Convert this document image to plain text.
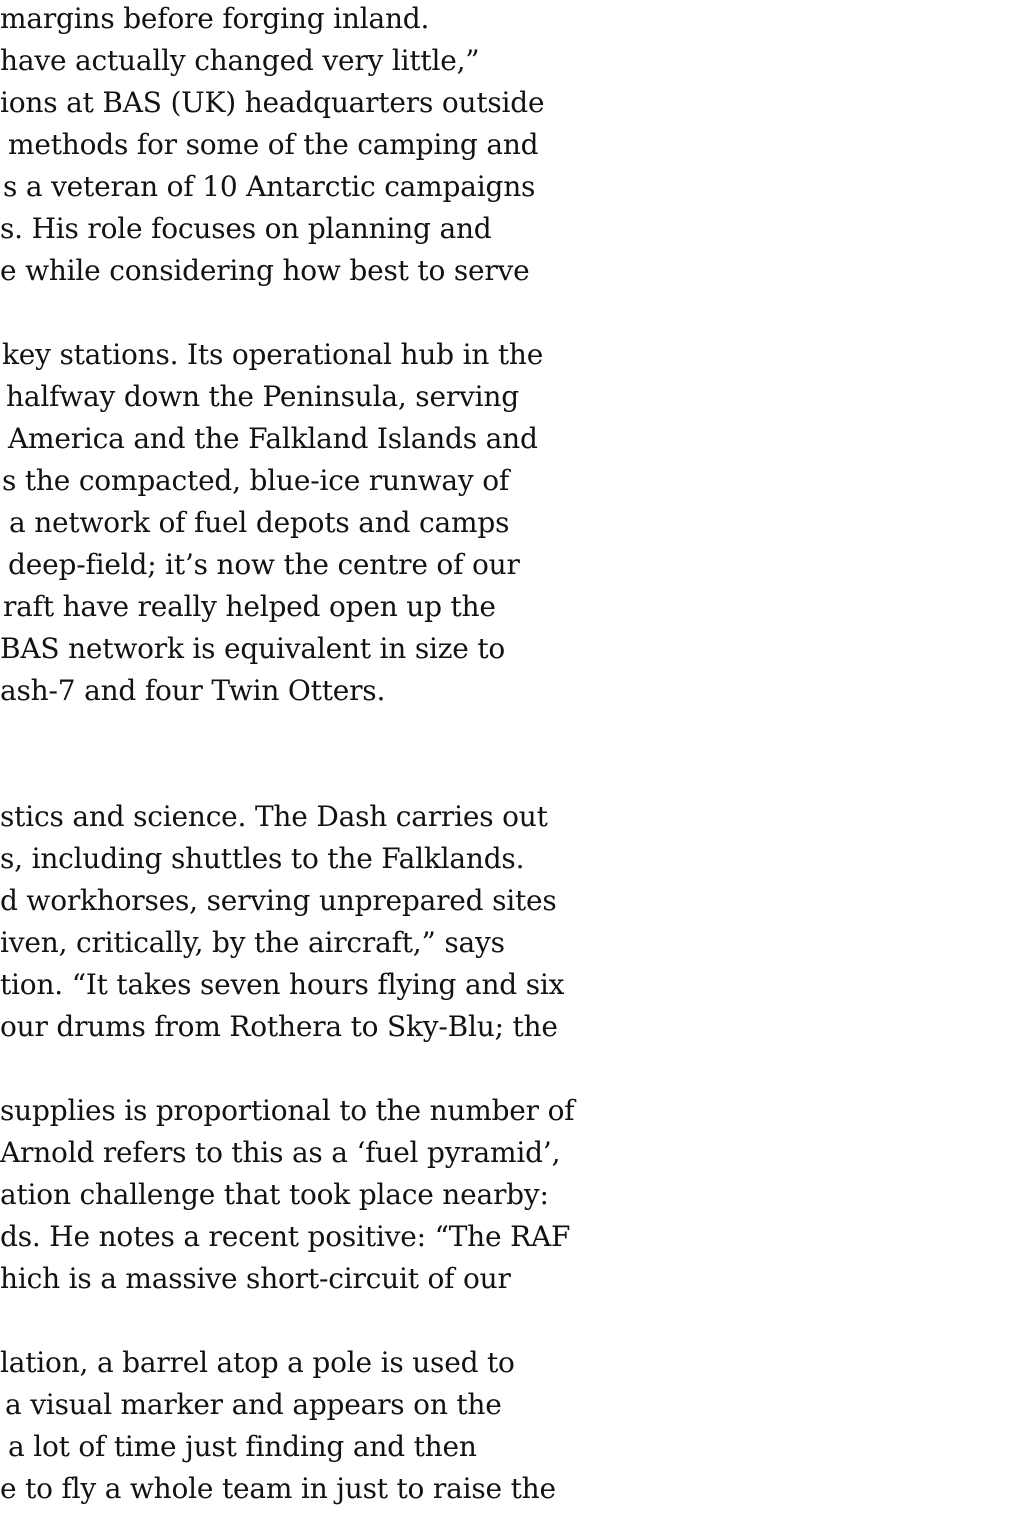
margins before forging inland.
have actually changed very little,”
ions at BAS (UK) headquarters outside
methods for some of the camping and
s a veteran of 10 Antarctic campaigns
s. His role focuses on planning and
e while considering how best to serve

key stations. Its operational hub in the
halfway down the Peninsula, serving
America and the Falkland Islands and
s the compacted, blue-ice runway of
a network of fuel depots and camps
deep-field; it’s now the centre of our
raft have really helped open up the
BAS network is equivalent in size to
ash-7 and four Twin Otters.

stics and science. The Dash carries out
s, including shuttles to the Falklands.
d workhorses, serving unprepared sites
iven, critically, by the aircraft,” says
tion. “It takes seven hours flying and six
our drums from Rothera to Sky-Blu; the

supplies is proportional to the number of
Arnold refers to this as a ‘fuel pyramid’,
ation challenge that took place nearby:
ds. He notes a recent positive: “The RAF
hich is a massive short-circuit of our

lation, a barrel atop a pole is used to
a visual marker and appears on the
a lot of time just finding and then
e to fly a whole team in just to raise the
